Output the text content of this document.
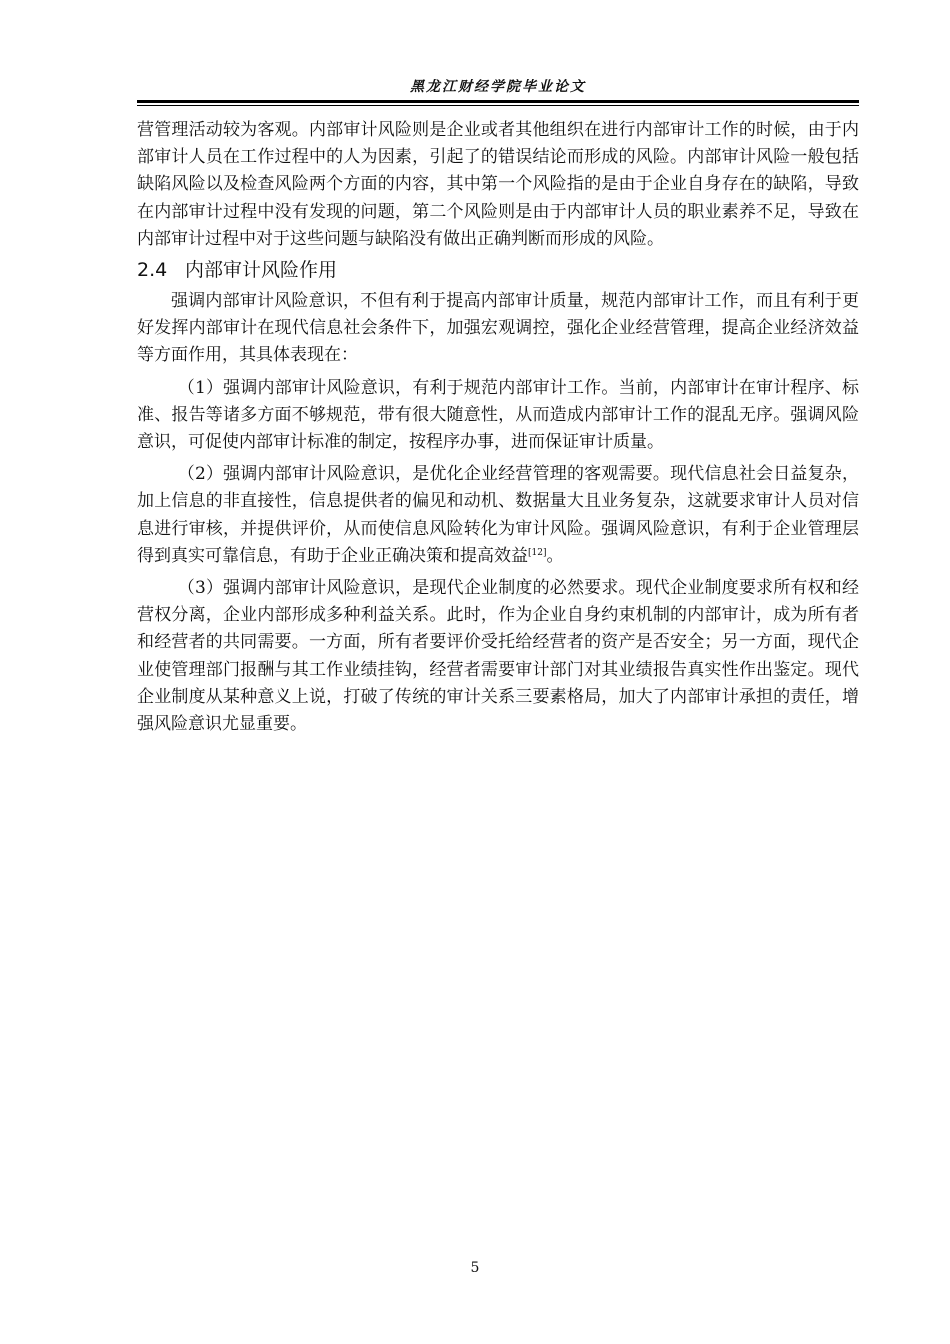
黑龙江财经学院毕业论文

营管理活动较为客观。内部审计风险则是企业或者其他组织在进行内部审计工作的时候，由于内部审计人员在工作过程中的人为因素，引起了的错误结论而形成的风险。内部审计风险一般包括缺陷风险以及检查风险两个方面的内容，其中第一个风险指的是由于企业自身存在的缺陷，导致在内部审计过程中没有发现的问题，第二个风险则是由于内部审计人员的职业素养不足，导致在内部审计过程中对于这些问题与缺陷没有做出正确判断而形成的风险。

2.4 内部审计风险作用

强调内部审计风险意识，不但有利于提高内部审计质量，规范内部审计工作，而且有利于更好发挥内部审计在现代信息社会条件下，加强宏观调控，强化企业经营管理，提高企业经济效益等方面作用，其具体表现在：

（1）强调内部审计风险意识，有利于规范内部审计工作。当前，内部审计在审计程序、标准、报告等诸多方面不够规范，带有很大随意性，从而造成内部审计工作的混乱无序。强调风险意识，可促使内部审计标准的制定，按程序办事，进而保证审计质量。

（2）强调内部审计风险意识，是优化企业经营管理的客观需要。现代信息社会日益复杂，加上信息的非直接性，信息提供者的偏见和动机、数据量大且业务复杂，这就要求审计人员对信息进行审核，并提供评价，从而使信息风险转化为审计风险。强调风险意识，有利于企业管理层得到真实可靠信息，有助于企业正确决策和提高效益[12]。

（3）强调内部审计风险意识，是现代企业制度的必然要求。现代企业制度要求所有权和经营权分离，企业内部形成多种利益关系。此时，作为企业自身约束机制的内部审计，成为所有者和经营者的共同需要。一方面，所有者要评价受托给经营者的资产是否安全；另一方面，现代企业使管理部门报酬与其工作业绩挂钩，经营者需要审计部门对其业绩报告真实性作出鉴定。现代企业制度从某种意义上说，打破了传统的审计关系三要素格局，加大了内部审计承担的责任，增强风险意识尤显重要。

5
